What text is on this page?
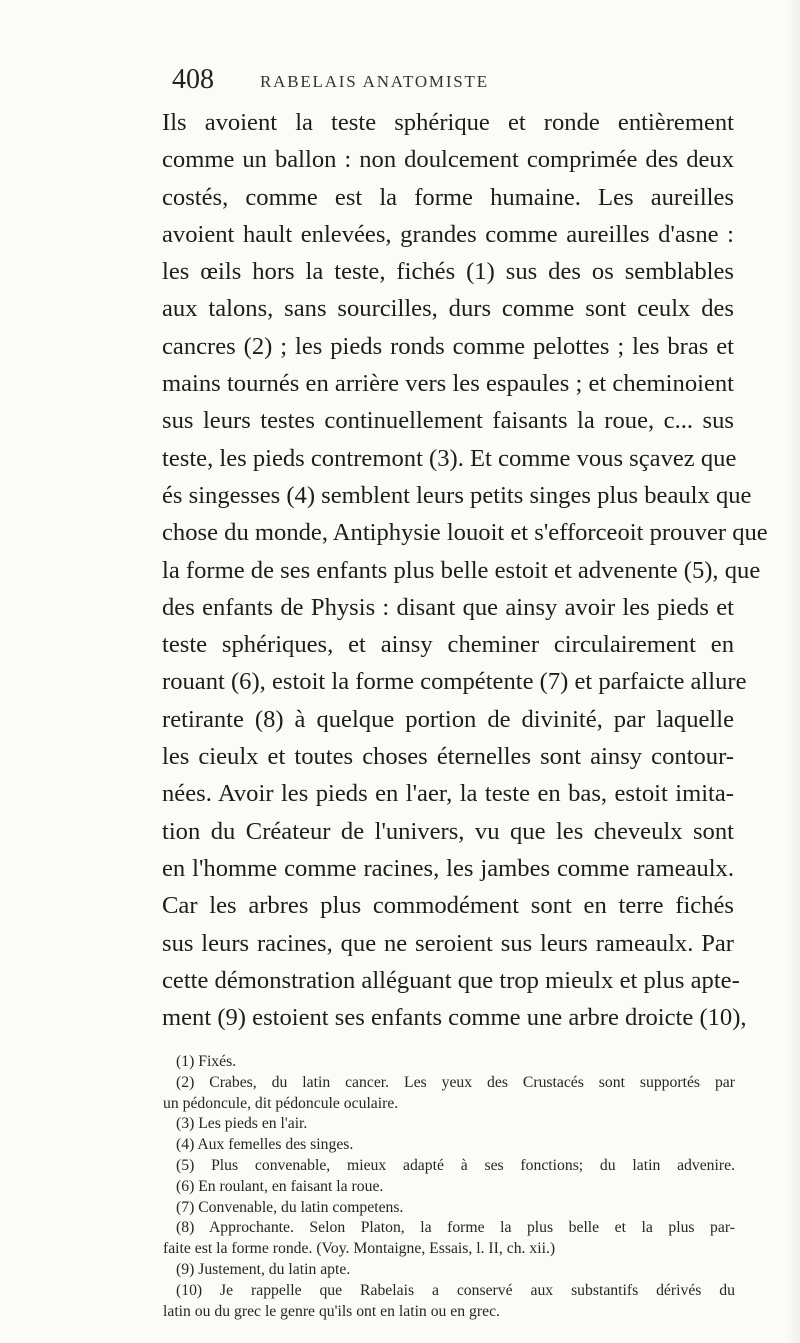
408	RABELAIS ANATOMISTE
Ils avoient la teste sphérique et ronde entièrement
comme un ballon : non doulcement comprimée des deux
costés, comme est la forme humaine. Les aureilles
avoient hault enlevées, grandes comme aureilles d'asne :
les œils hors la teste, fichés (1) sus des os semblables
aux talons, sans sourcilles, durs comme sont ceulx des
cancres (2) ; les pieds ronds comme pelottes ; les bras et
mains tournés en arrière vers les espaules ; et cheminoient
sus leurs testes continuellement faisants la roue, c... sus
teste, les pieds contremont (3). Et comme vous sçavez que
és singesses (4) semblent leurs petits singes plus beaulx que
chose du monde, Antiphysie louoit et s'efforceoit prouver que
la forme de ses enfants plus belle estoit et advenente (5), que
des enfants de Physis : disant que ainsy avoir les pieds et
teste sphériques, et ainsy cheminer circulairement en
rouant (6), estoit la forme compétente (7) et parfaicte allure
retirante (8) à quelque portion de divinité, par laquelle
les cieulx et toutes choses éternelles sont ainsy contour-
nées. Avoir les pieds en l'aer, la teste en bas, estoit imita-
tion du Créateur de l'univers, vu que les cheveulx sont
en l'homme comme racines, les jambes comme rameaulx.
Car les arbres plus commodément sont en terre fichés
sus leurs racines, que ne seroient sus leurs rameaulx. Par
cette démonstration alléguant que trop mieulx et plus apte-
ment (9) estoient ses enfants comme une arbre droicte (10),
(1) Fixés.
(2) Crabes, du latin cancer. Les yeux des Crustacés sont supportés par
un pédoncule, dit pédoncule oculaire.
(3) Les pieds en l'air.
(4) Aux femelles des singes.
(5) Plus convenable, mieux adapté à ses fonctions; du latin advenire.
(6) En roulant, en faisant la roue.
(7) Convenable, du latin competens.
(8) Approchante. Selon Platon, la forme la plus belle et la plus par-
faite est la forme ronde. (Voy. Montaigne, Essais, l. II, ch. xii.)
(9) Justement, du latin apte.
(10) Je rappelle que Rabelais a conservé aux substantifs dérivés du
latin ou du grec le genre qu'ils ont en latin ou en grec.
